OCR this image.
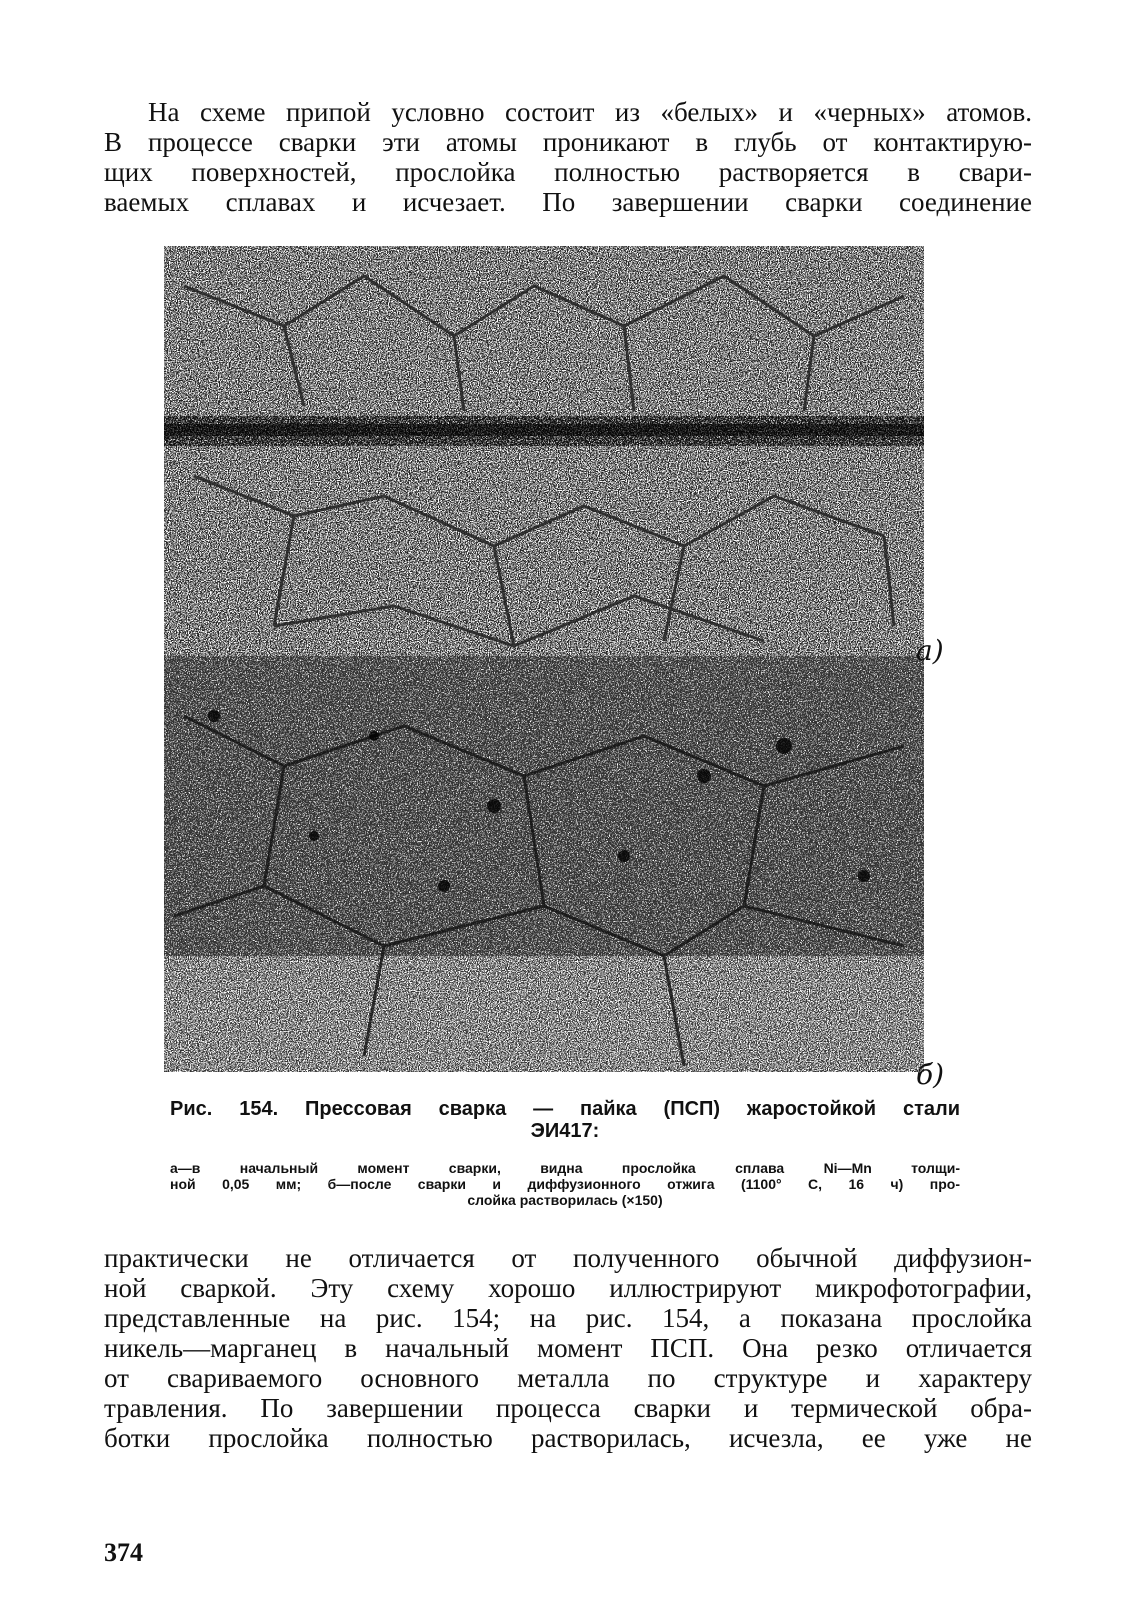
На схеме припой условно состоит из «белых» и «черных» атомов.
В процессе сварки эти атомы проникают в глубь от контактирую-
щих поверхностей, прослойка полностью растворяется в свари-
ваемых сплавах и исчезает. По завершении сварки соединение
а)
б)
Рис. 154. Прессовая сварка — пайка (ПСП) жаростойкой стали
ЭИ417:
а—в начальный момент сварки, видна прослойка сплава Ni—Mn толщи-
ной 0,05 мм; б—после сварки и диффузионного отжига (1100° С, 16 ч) про-
слойка растворилась (×150)
практически не отличается от полученного обычной диффузион-
ной сваркой. Эту схему хорошо иллюстрируют микрофотографии,
представленные на рис. 154; на рис. 154, а показана прослойка
никель—марганец в начальный момент ПСП. Она резко отличается
от свариваемого основного металла по структуре и характеру
травления. По завершении процесса сварки и термической обра-
ботки прослойка полностью растворилась, исчезла, ее уже не
374
